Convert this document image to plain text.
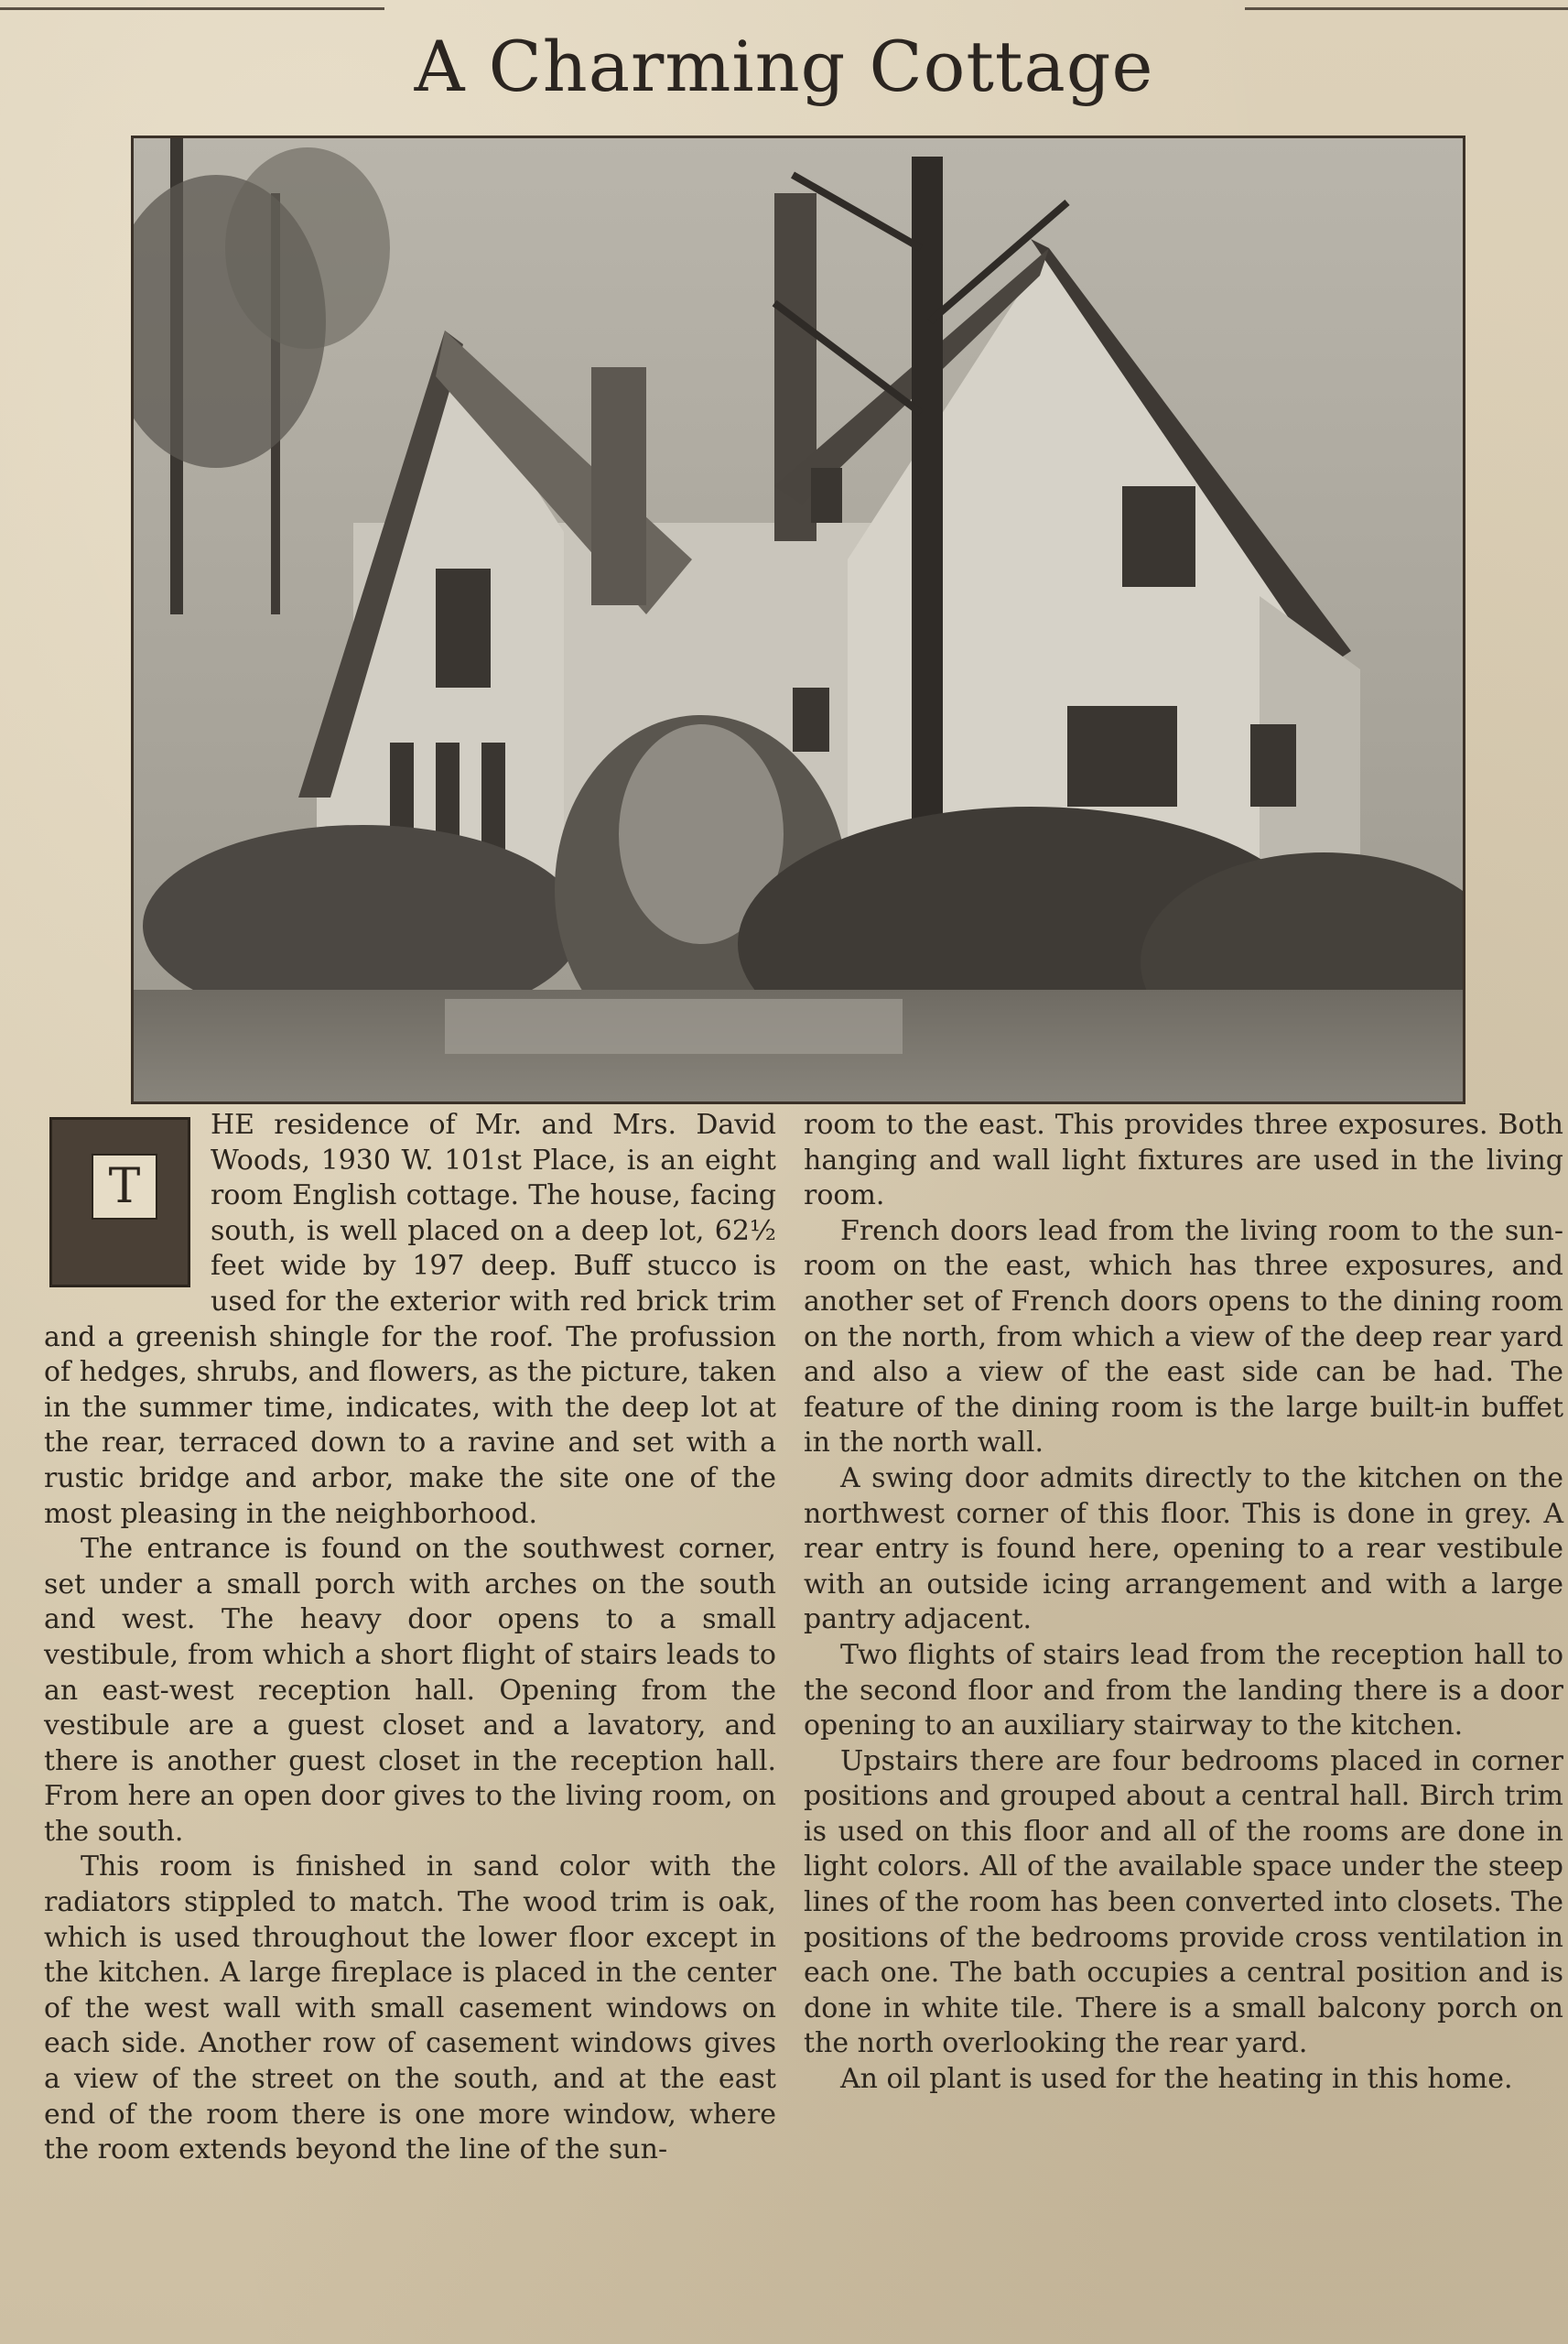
A Charming Cottage
T

HE residence of Mr. and Mrs. David Woods, 1930 W. 101st Place, is an eight room English cottage. The house, facing south, is well placed on a deep lot, 62½ feet wide by 197 deep. Buff stucco is used for the exterior with red brick trim and a greenish shingle for the roof. The profussion of hedges, shrubs, and flowers, as the picture, taken in the summer time, indicates, with the deep lot at the rear, terraced down to a ravine and set with a rustic bridge and arbor, make the site one of the most pleasing in the neighborhood.

The entrance is found on the southwest corner, set under a small porch with arches on the south and west. The heavy door opens to a small vestibule, from which a short flight of stairs leads to an east-west reception hall. Opening from the vestibule are a guest closet and a lavatory, and there is another guest closet in the reception hall. From here an open door gives to the living room, on the south.

This room is finished in sand color with the radiators stippled to match. The wood trim is oak, which is used throughout the lower floor except in the kitchen. A large fireplace is placed in the center of the west wall with small casement windows on each side. Another row of casement windows gives a view of the street on the south, and at the east end of the room there is one more window, where the room extends beyond the line of the sun-

room to the east. This provides three exposures. Both hanging and wall light fixtures are used in the living room.

French doors lead from the living room to the sun-room on the east, which has three exposures, and another set of French doors opens to the dining room on the north, from which a view of the deep rear yard and also a view of the east side can be had. The feature of the dining room is the large built-in buffet in the north wall.

A swing door admits directly to the kitchen on the northwest corner of this floor. This is done in grey. A rear entry is found here, opening to a rear vestibule with an outside icing arrangement and with a large pantry adjacent.

Two flights of stairs lead from the reception hall to the second floor and from the landing there is a door opening to an auxiliary stairway to the kitchen.

Upstairs there are four bedrooms placed in corner positions and grouped about a central hall. Birch trim is used on this floor and all of the rooms are done in light colors. All of the available space under the steep lines of the room has been converted into closets. The positions of the bedrooms provide cross ventilation in each one. The bath occupies a central position and is done in white tile. There is a small balcony porch on the north overlooking the rear yard.

An oil plant is used for the heating in this home.
